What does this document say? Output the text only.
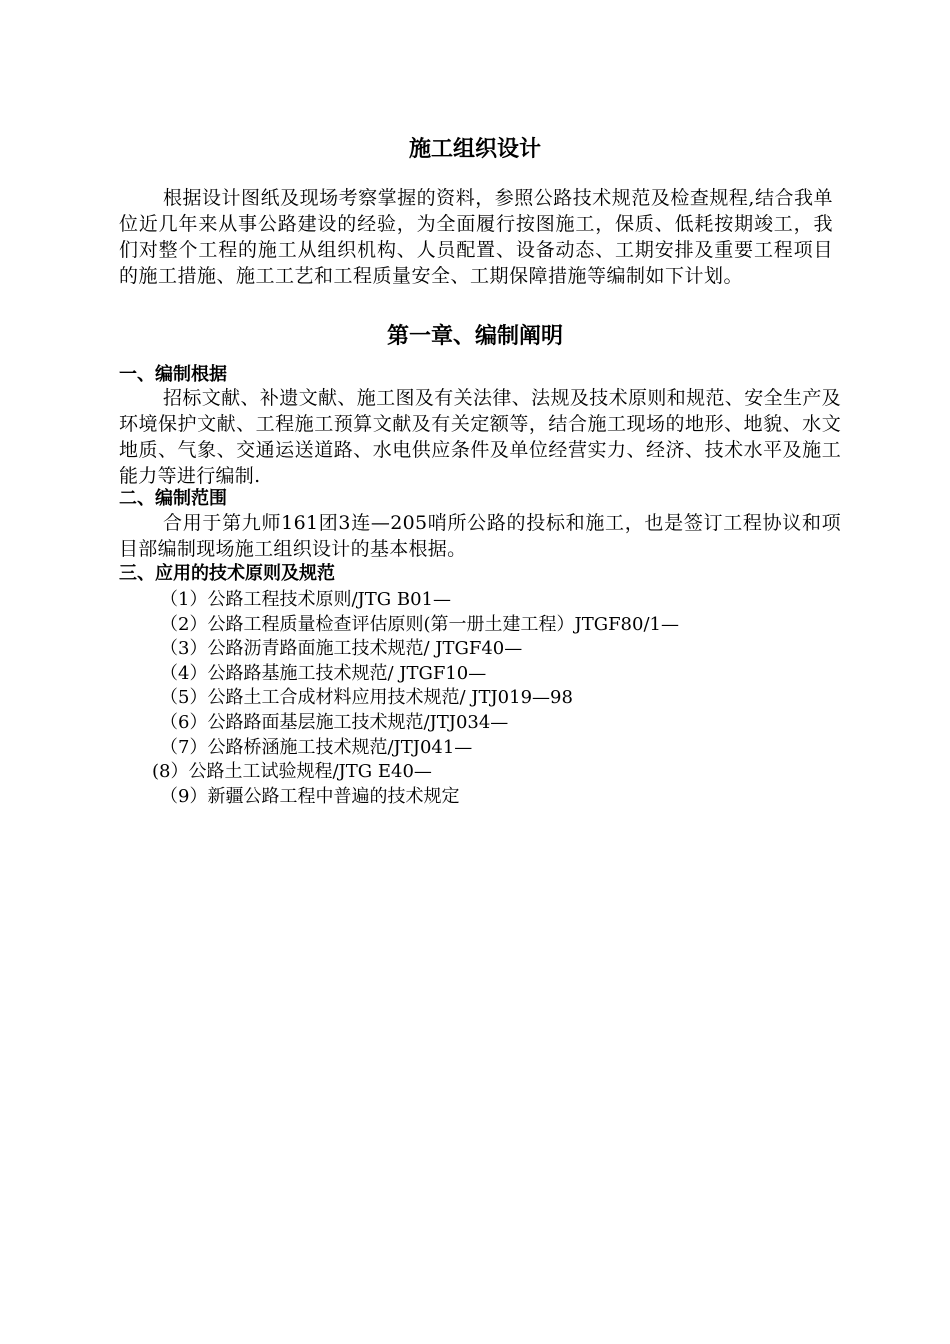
施工组织设计

根据设计图纸及现场考察掌握的资料，参照公路技术规范及检查规程,结合我单位近几年来从事公路建设的经验，为全面履行按图施工，保质、低耗按期竣工，我们对整个工程的施工从组织机构、人员配置、设备动态、工期安排及重要工程项目的施工措施、施工工艺和工程质量安全、工期保障措施等编制如下计划。

第一章、编制阐明
一、编制根据

招标文献、补遗文献、施工图及有关法律、法规及技术原则和规范、安全生产及环境保护文献、工程施工预算文献及有关定额等，结合施工现场的地形、地貌、水文地质、气象、交通运送道路、水电供应条件及单位经营实力、经济、技术水平及施工能力等进行编制.

二、编制范围

合用于第九师161团3连—205哨所公路的投标和施工，也是签订工程协议和项目部编制现场施工组织设计的基本根据。

三、应用的技术原则及规范
（1）公路工程技术原则/JTG B01—
（2）公路工程质量检查评估原则(第一册土建工程）JTGF80/1—
（3）公路沥青路面施工技术规范/ JTGF40—
（4）公路路基施工技术规范/ JTGF10—
（5）公路土工合成材料应用技术规范/ JTJ019—98
（6）公路路面基层施工技术规范/JTJ034—
（7）公路桥涵施工技术规范/JTJ041—
(8）公路土工试验规程/JTG E40—
（9）新疆公路工程中普遍的技术规定
